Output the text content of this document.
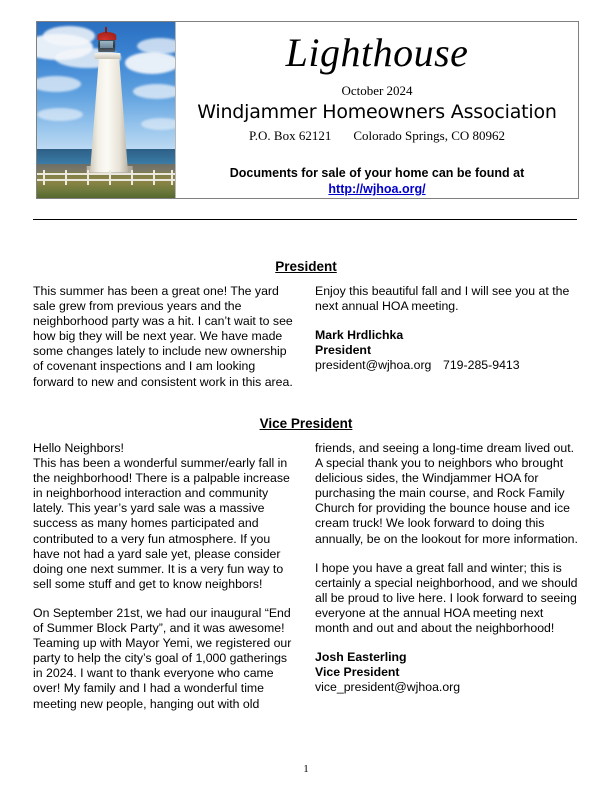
Lighthouse
October 2024
Windjammer Homeowners Association
P.O. Box 62121 Colorado Springs, CO 80962
Documents for sale of your home can be found at
http://wjhoa.org/
President

This summer has been a great one! The yard sale grew from previous years and the neighborhood party was a hit. I can’t wait to see how big they will be next year. We have made some changes lately to include new ownership of covenant inspections and I am looking forward to new and consistent work in this area.

Enjoy this beautiful fall and I will see you at the next annual HOA meeting.

Mark Hrdlichka

President

president@wjhoa.org 719-285-9413

Vice President

Hello Neighbors!

This has been a wonderful summer/early fall in the neighborhood! There is a palpable increase in neighborhood interaction and community lately. This year’s yard sale was a massive success as many homes participated and contributed to a very fun atmosphere. If you have not had a yard sale yet, please consider doing one next summer. It is a very fun way to sell some stuff and get to know neighbors!

On September 21st, we had our inaugural “End of Summer Block Party”, and it was awesome! Teaming up with Mayor Yemi, we registered our party to help the city’s goal of 1,000 gatherings in 2024. I want to thank everyone who came over! My family and I had a wonderful time meeting new people, hanging out with old

friends, and seeing a long-time dream lived out. A special thank you to neighbors who brought delicious sides, the Windjammer HOA for purchasing the main course, and Rock Family Church for providing the bounce house and ice cream truck! We look forward to doing this annually, be on the lookout for more information.

I hope you have a great fall and winter; this is certainly a special neighborhood, and we should all be proud to live here. I look forward to seeing everyone at the annual HOA meeting next month and out and about the neighborhood!

Josh Easterling

Vice President

vice_president@wjhoa.org

1
